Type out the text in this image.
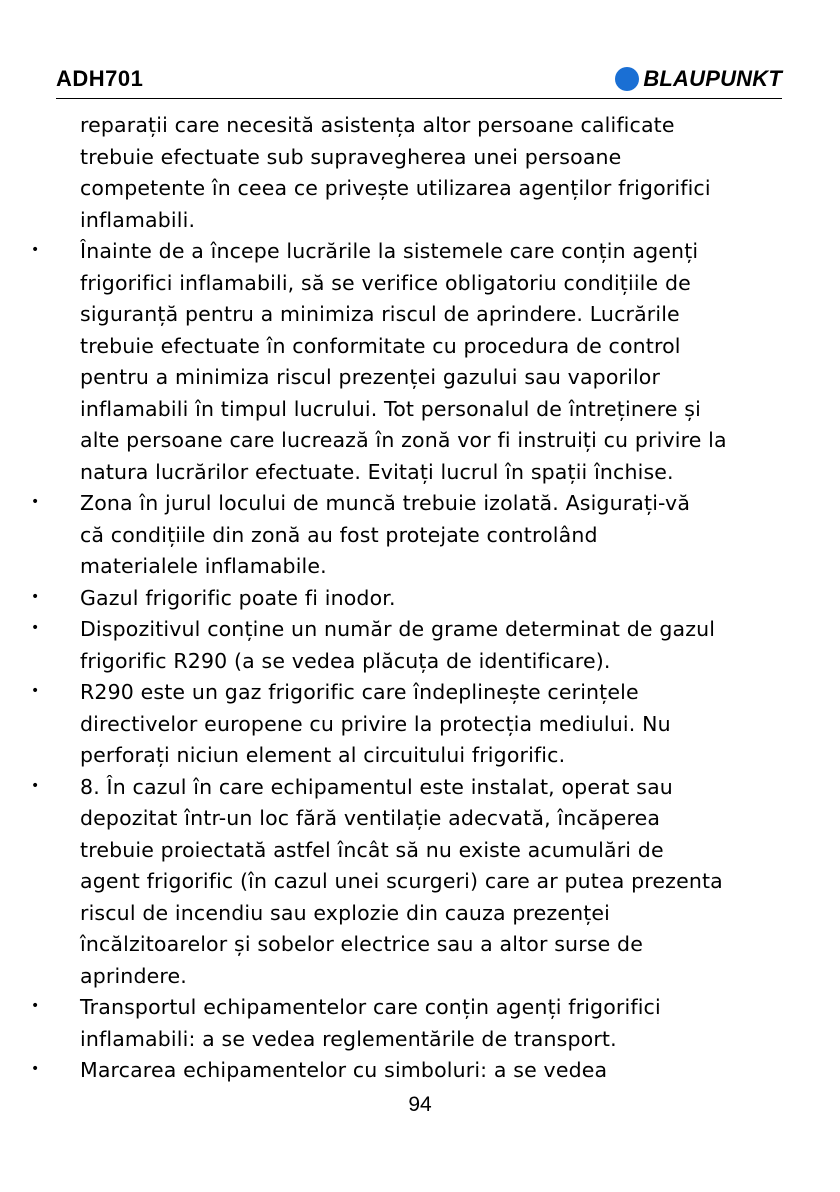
ADH701	BLAUPUNKT
reparații care necesită asistența altor persoane calificate
trebuie efectuate sub supravegherea unei persoane
competente în ceea ce privește utilizarea agenților frigorifici
inflamabili.
• Înainte de a începe lucrările la sistemele care conțin agenți
frigorifici inflamabili, să se verifice obligatoriu condițiile de
siguranță pentru a minimiza riscul de aprindere. Lucrările
trebuie efectuate în conformitate cu procedura de control
pentru a minimiza riscul prezenței gazului sau vaporilor
inflamabili în timpul lucrului. Tot personalul de întreținere și
alte persoane care lucrează în zonă vor fi instruiți cu privire la
natura lucrărilor efectuate. Evitați lucrul în spații închise.
• Zona în jurul locului de muncă trebuie izolată. Asigurați-vă
că condițiile din zonă au fost protejate controlând
materialele inflamabile.
• Gazul frigorific poate fi inodor.
• Dispozitivul conține un număr de grame determinat de gazul
frigorific R290 (a se vedea plăcuța de identificare).
• R290 este un gaz frigorific care îndeplinește cerințele
directivelor europene cu privire la protecția mediului. Nu
perforați niciun element al circuitului frigorific.
• 8. În cazul în care echipamentul este instalat, operat sau
depozitat într-un loc fără ventilație adecvată, încăperea
trebuie proiectată astfel încât să nu existe acumulări de
agent frigorific (în cazul unei scurgeri) care ar putea prezenta
riscul de incendiu sau explozie din cauza prezenței
încălzitoarelor și sobelor electrice sau a altor surse de
aprindere.
• Transportul echipamentelor care conțin agenți frigorifici
inflamabili: a se vedea reglementările de transport.
• Marcarea echipamentelor cu simboluri: a se vedea
94
